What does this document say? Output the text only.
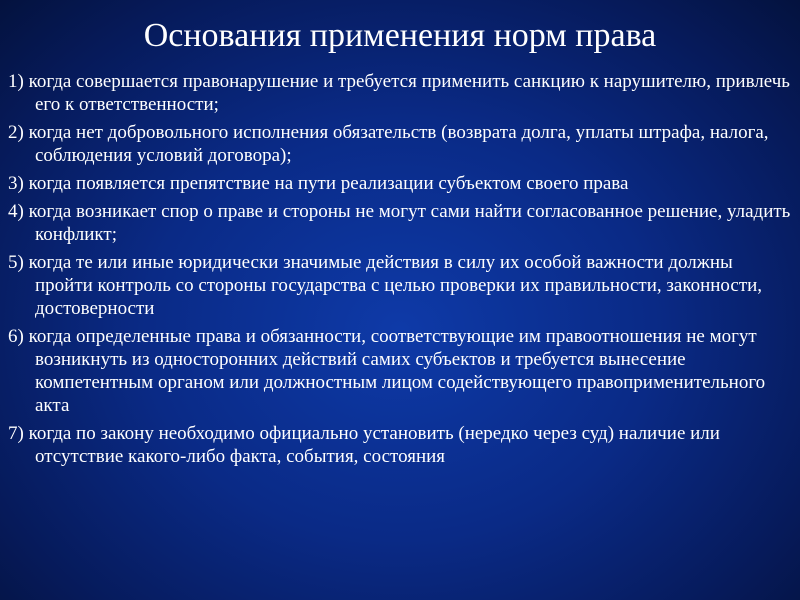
Основания применения норм права
1) когда совершается правонарушение и требуется применить санкцию к нарушителю, привлечь его к ответственности;
2) когда нет добровольного исполнения обязательств (возврата долга, уплаты штрафа, налога, соблюдения условий договора);
3) когда появляется препятствие на пути реализации субъектом своего права
4) когда возникает спор о праве и стороны не могут сами найти согласованное решение, уладить конфликт;
5) когда те или иные юридически значимые действия в силу их особой важности должны пройти контроль со стороны государства с целью проверки их правильности, законности, достоверности
6) когда определенные права и обязанности, соответствующие им правоотношения не могут возникнуть из односторонних действий самих субъектов и требуется вынесение компетентным органом или должностным лицом содействующего правоприменительного акта
7) когда по закону необходимо официально установить (нередко через суд) наличие или отсутствие какого-либо факта, события, состояния
